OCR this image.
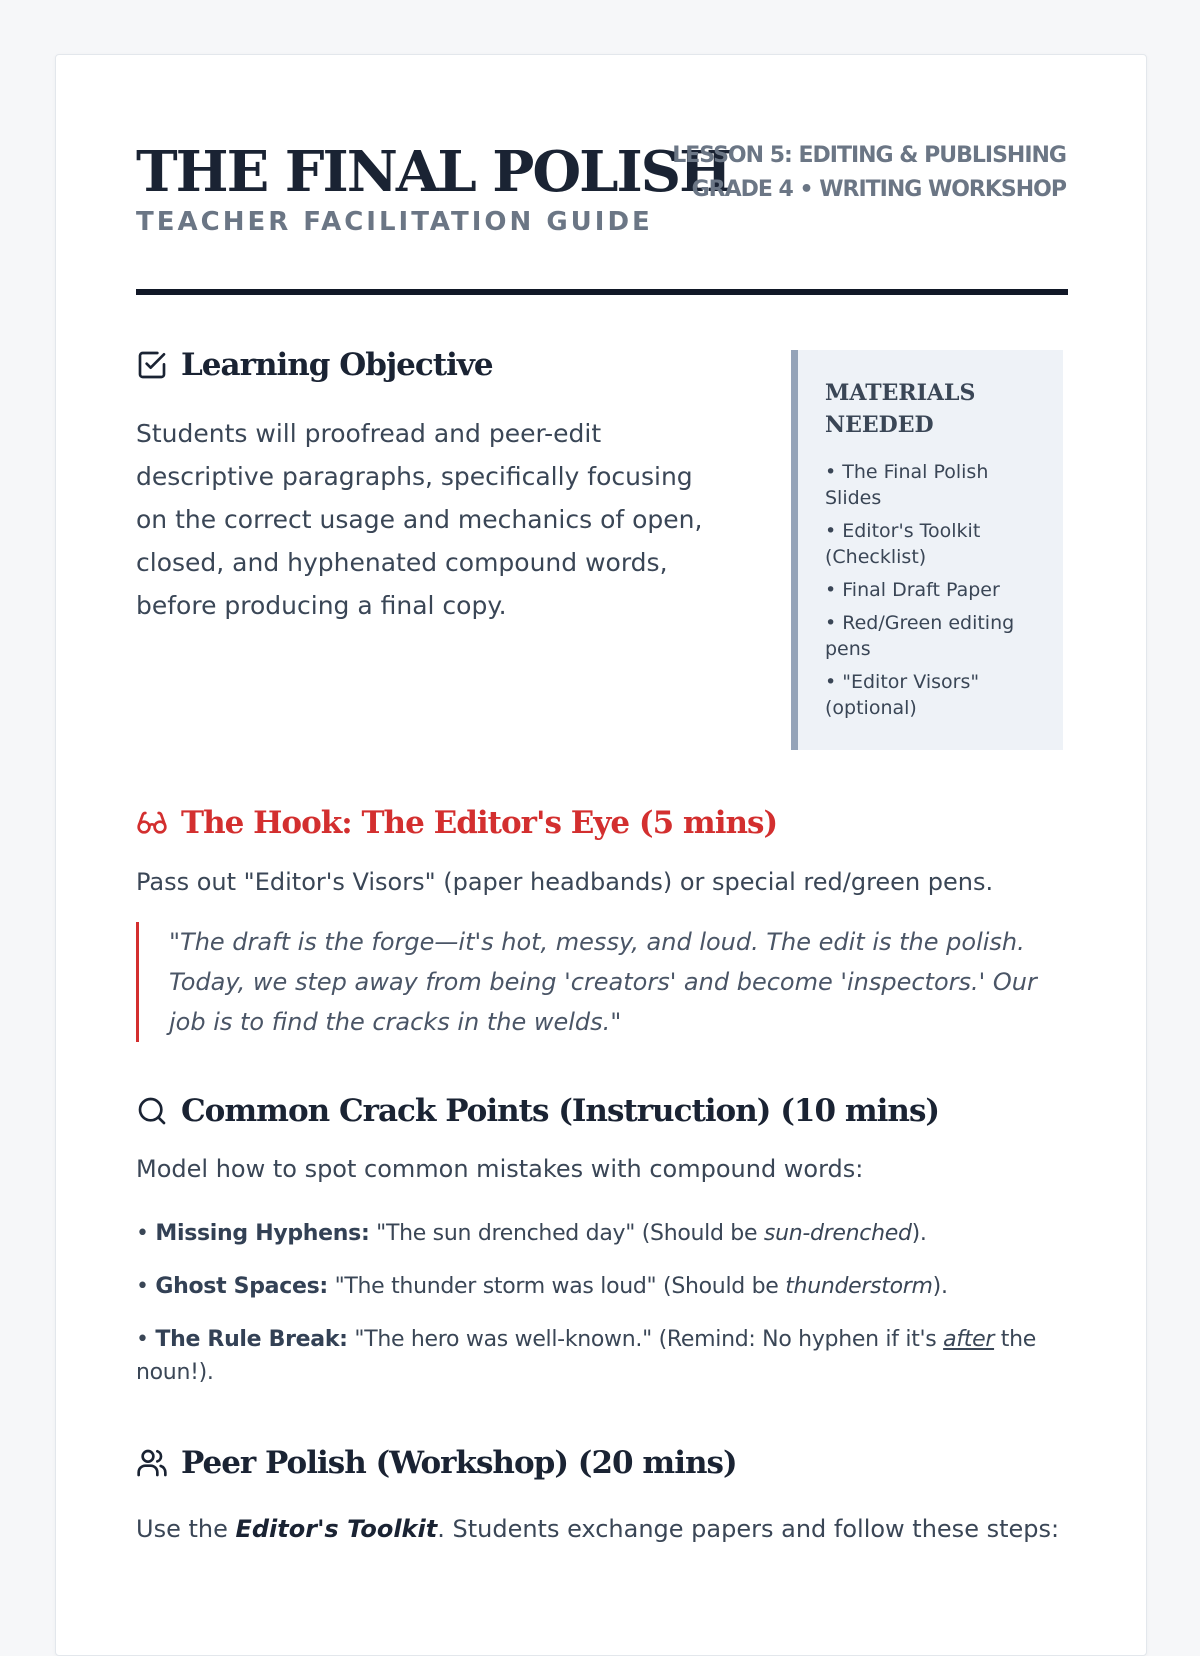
THE FINAL POLISH
TEACHER FACILITATION GUIDE
LESSON 5: EDITING & PUBLISHING
GRADE 4 • WRITING WORKSHOP
Learning Objective

Students will proofread and peer-edit descriptive paragraphs, specifically focusing on the correct usage and mechanics of open, closed, and hyphenated compound words, before producing a final copy.

MATERIALS NEEDED
• The Final Polish Slides
• Editor's Toolkit (Checklist)
• Final Draft Paper
• Red/Green editing pens
• "Editor Visors" (optional)
The Hook: The Editor's Eye (5 mins)

Pass out "Editor's Visors" (paper headbands) or special red/green pens.

"The draft is the forge—it's hot, messy, and loud. The edit is the polish. Today, we step away from being 'creators' and become 'inspectors.' Our job is to find the cracks in the welds."

Common Crack Points (Instruction) (10 mins)

Model how to spot common mistakes with compound words:

• Missing Hyphens: "The sun drenched day" (Should be sun-drenched).
• Ghost Spaces: "The thunder storm was loud" (Should be thunderstorm).
• The Rule Break: "The hero was well-known." (Remind: No hyphen if it's after the noun!).
Peer Polish (Workshop) (20 mins)

Use the Editor's Toolkit. Students exchange papers and follow these steps:
